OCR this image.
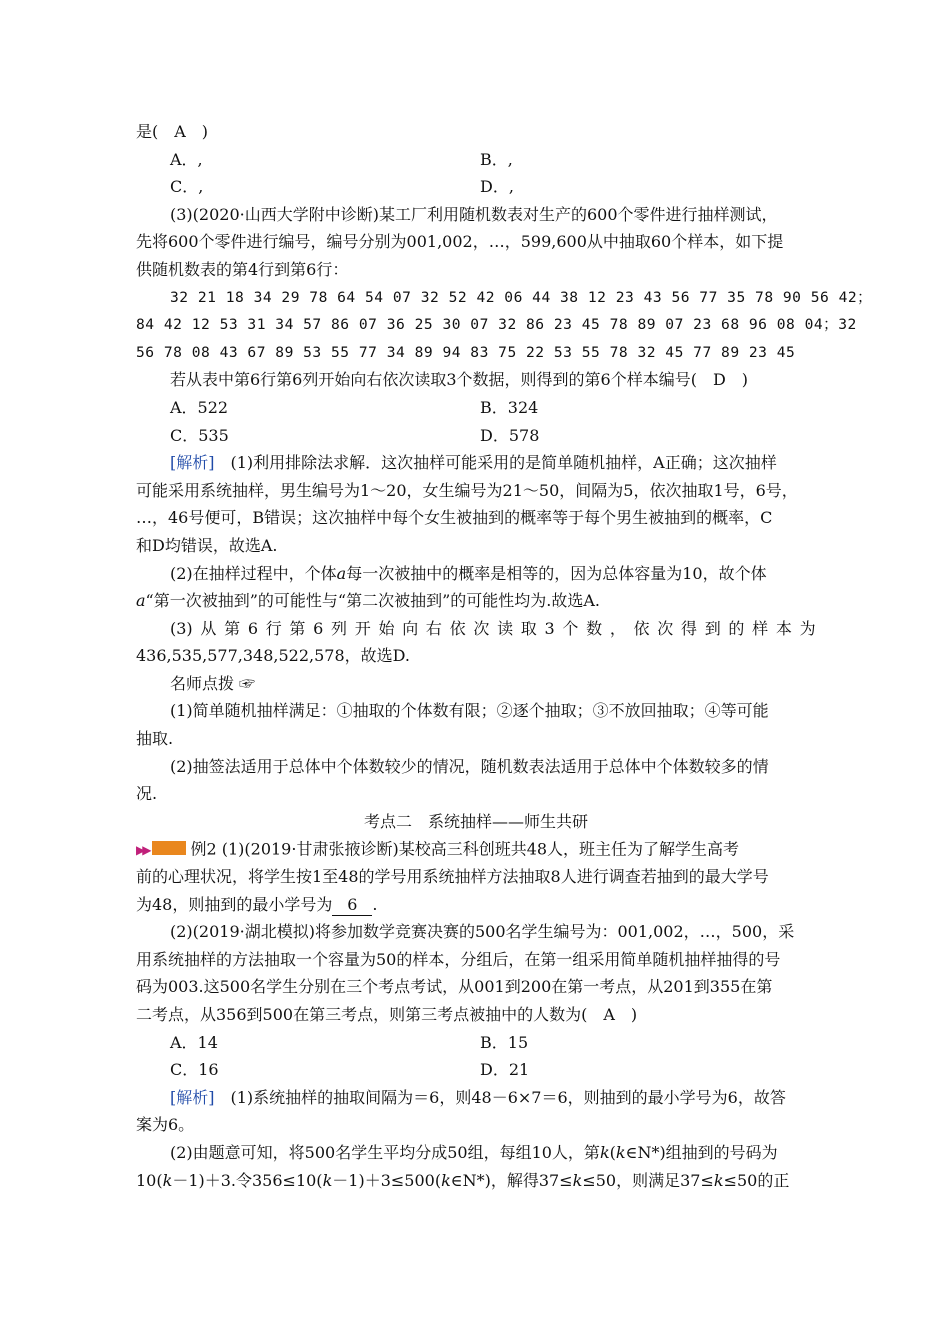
是(　A　)
A．,	B．,
C．,	D．,
(3)(2020·山西大学附中诊断)某工厂利用随机数表对生产的600个零件进行抽样测试，
先将600个零件进行编号，编号分别为001,002，…，599,600从中抽取60个样本，如下提
供随机数表的第4行到第6行：
32 21 18 34 29 78 64 54 07 32 52 42 06 44 38 12 23 43 56 77 35 78 90 56 42；
84 42 12 53 31 34 57 86 07 36 25 30 07 32 86 23 45 78 89 07 23 68 96 08 04；32
56 78 08 43 67 89 53 55 77 34 89 94 83 75 22 53 55 78 32 45 77 89 23 45
若从表中第6行第6列开始向右依次读取3个数据，则得到的第6个样本编号(　D　)
A．522	B．324
C．535	D．578
[解析]　(1)利用排除法求解．这次抽样可能采用的是简单随机抽样，A正确；这次抽样
可能采用系统抽样，男生编号为1～20，女生编号为21～50，间隔为5，依次抽取1号，6号，
…，46号便可，B错误；这次抽样中每个女生被抽到的概率等于每个男生被抽到的概率，C
和D均错误，故选A.
(2)在抽样过程中，个体a每一次被抽中的概率是相等的，因为总体容量为10，故个体
a“第一次被抽到”的可能性与“第二次被抽到”的可能性均为.故选A.
(3) 从 第 6 行 第 6 列 开 始 向 右 依 次 读 取 3 个 数 ， 依 次 得 到 的 样 本 为
436,535,577,348,522,578，故选D.
名师点拨 ☞
(1)简单随机抽样满足：①抽取的个体数有限；②逐个抽取；③不放回抽取；④等可能
抽取.
(2)抽签法适用于总体中个体数较少的情况，随机数表法适用于总体中个体数较多的情
况.
考点二　系统抽样——师生共研
▶▶	例2 (1)(2019·甘肃张掖诊断)某校高三科创班共48人，班主任为了解学生高考
前的心理状况，将学生按1至48的学号用系统抽样方法抽取8人进行调查若抽到的最大学号
为48，则抽到的最小学号为 6 .
(2)(2019·湖北模拟)将参加数学竞赛决赛的500名学生编号为：001,002，…，500，采
用系统抽样的方法抽取一个容量为50的样本，分组后，在第一组采用简单随机抽样抽得的号
码为003.这500名学生分别在三个考点考试，从001到200在第一考点，从201到355在第
二考点，从356到500在第三考点，则第三考点被抽中的人数为(　A　)
A．14	B．15
C．16	D．21
[解析]　(1)系统抽样的抽取间隔为＝6，则48－6×7＝6，则抽到的最小学号为6，故答
案为6。
(2)由题意可知，将500名学生平均分成50组，每组10人，第k(k∈N*)组抽到的号码为
10(k－1)＋3.令356≤10(k－1)＋3≤500(k∈N*)，解得37≤k≤50，则满足37≤k≤50的正
